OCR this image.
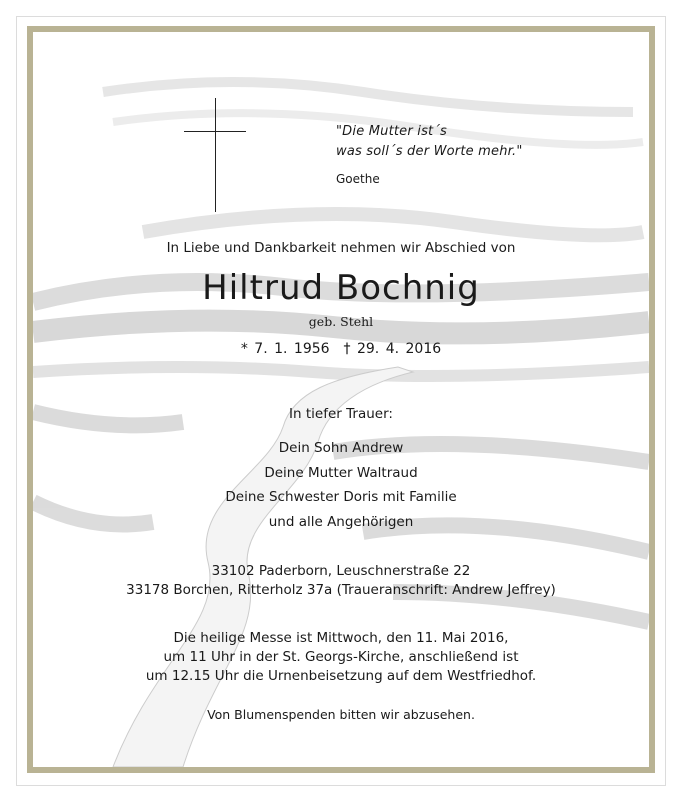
"Die Mutter ist´s
was soll´s der Worte mehr."
Goethe
In Liebe und Dankbarkeit nehmen wir Abschied von
Hiltrud Bochnig
geb. Stehl
* 7. 1. 1956 † 29. 4. 2016
In tiefer Trauer:
Dein Sohn Andrew
Deine Mutter Waltraud
Deine Schwester Doris mit Familie
und alle Angehörigen
33102 Paderborn, Leuschnerstraße 22
33178 Borchen, Ritterholz 37a (Traueranschrift: Andrew Jeffrey)
Die heilige Messe ist Mittwoch, den 11. Mai 2016,
um 11 Uhr in der St. Georgs-Kirche, anschließend ist
um 12.15 Uhr die Urnenbeisetzung auf dem Westfriedhof.
Von Blumenspenden bitten wir abzusehen.
